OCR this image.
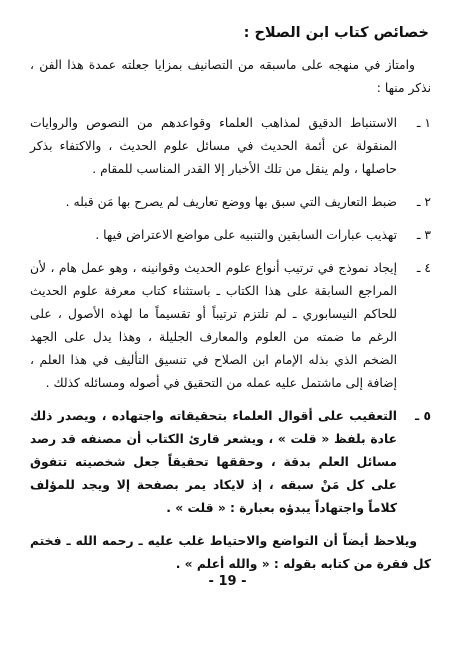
خصائص كتاب ابن الصلاح :

وامتاز في منهجه على ماسبقه من التصانيف بمزايا جعلته عمدة هذا الفن ، نذكر منها :

١ ـ
الاستنباط الدقيق لمذاهب العلماء وقواعدهم من النصوص والروايات المنقولة عن أئمة الحديث في مسائل علوم الحديث ، والاكتفاء بذكر حاصلها ، ولم ينقل من تلك الأخبار إلا القدر المناسب للمقام .
٢ ـ
ضبط التعاريف التي سبق بها ووضع تعاريف لم يصرح بها مَن قبله .
٣ ـ
تهذيب عبارات السابقين والتنبيه على مواضع الاعتراض فيها .
٤ ـ
إيجاد نموذج في ترتيب أنواع علوم الحديث وقوانينه ، وهو عمل هام ، لأن المراجع السابقة على هذا الكتاب ـ باستثناء كتاب معرفة علوم الحديث للحاكم النيسابوري ـ لم تلتزم ترتيباً أو تقسيماً ما لهذه الأصول ، على الرغم ما ضمته من العلوم والمعارف الجليلة ، وهذا يدل على الجهد الضخم الذي بذله الإمام ابن الصلاح في تنسيق التأليف في هذا العلم ، إضافة إلى ماشتمل عليه عمله من التحقيق في أصوله ومسائله كذلك .
٥ ـ
التعقيب على أقوال العلماء بتحقيقاته واجتهاده ، ويصدر ذلك عادة بلفظ « قلت » ، ويشعر قارئ الكتاب أن مصنفه قد رصد مسائل العلم بدقة ، وحققها تحقيقاً جعل شخصيته تتفوق على كل مَنْ سبقه ، إذ لايكاد يمر بصفحة إلا ويجد للمؤلف كلاماً واجتهاداً يبدؤه بعبارة : « قلت » .

ويلاحظ أيضاً أن التواضع والاحتياط غلب عليه ـ رحمه الله ـ فختم كل فقرة من كتابه بقوله : « والله أعلم » .

- 19 -
